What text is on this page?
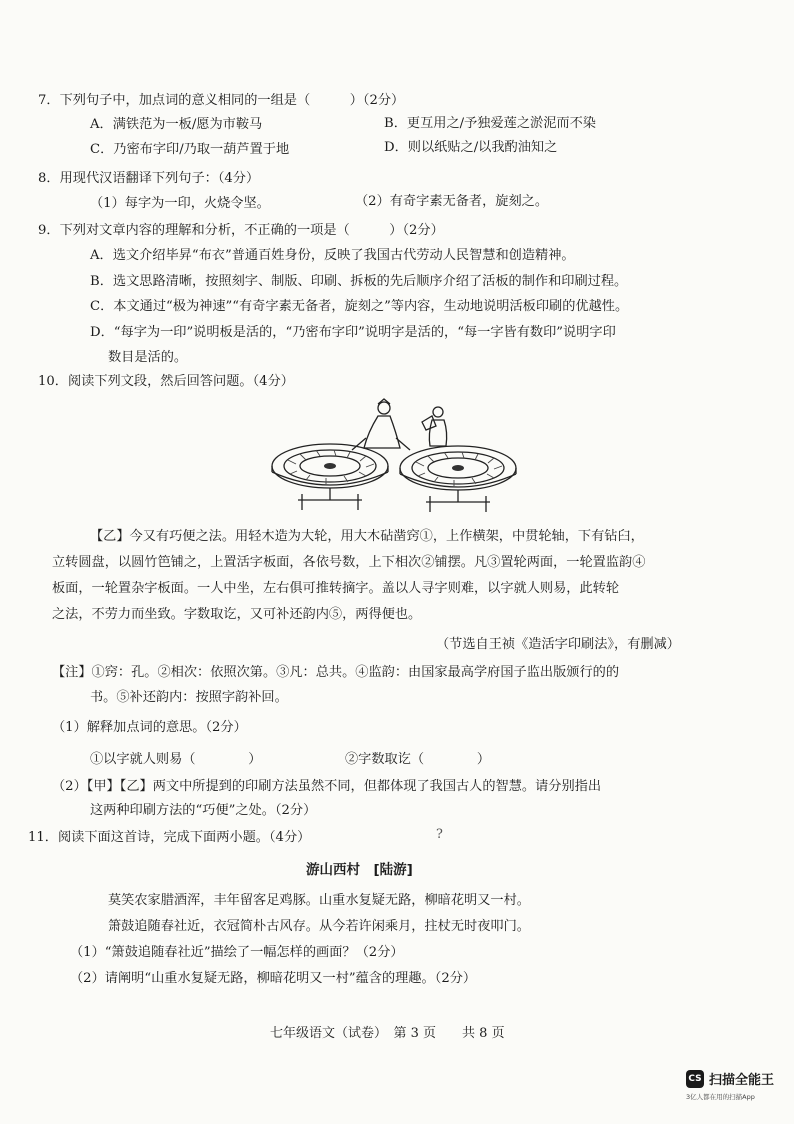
7．下列句子中，加点词的意义相同的一组是（　　　）（2分）
A．满铁范为一板/愿为市鞍马	B．更互用之/予独爱莲之淤泥而不染
C．乃密布字印/乃取一葫芦置于地	D．则以纸贴之/以我酌油知之
8．用现代汉语翻译下列句子：（4分）
（1）每字为一印，火烧令坚。	（2）有奇字素无备者，旋刻之。
9．下列对文章内容的理解和分析，不正确的一项是（　　　）（2分）
A．选文介绍毕昇“布衣”普通百姓身份，反映了我国古代劳动人民智慧和创造精神。
B．选文思路清晰，按照刻字、制版、印刷、拆板的先后顺序介绍了活板的制作和印刷过程。
C．本文通过“极为神速”“有奇字素无备者，旋刻之”等内容，生动地说明活板印刷的优越性。
D．“每字为一印”说明板是活的，“乃密布字印”说明字是活的，“每一字皆有数印”说明字印
数目是活的。
10．阅读下列文段，然后回答问题。（4分）
【乙】今又有巧便之法。用轻木造为大轮，用大木砧凿窍①，上作横架，中贯轮轴，下有钻臼，
立转圆盘，以圆竹笆铺之，上置活字板面，各依号数，上下相次②铺摆。凡③置轮两面，一轮置监韵④
板面，一轮置杂字板面。一人中坐，左右俱可推转摘字。盖以人寻字则难，以字就人则易，此转轮
之法，不劳力而坐致。字数取讫，又可补还韵内⑤，两得便也。
（节选自王祯《造活字印刷法》，有删减）
【注】①窍：孔。②相次：依照次第。③凡：总共。④监韵：由国家最高学府国子监出版颁行的的
书。⑤补还韵内：按照字韵补回。
（1）解释加点词的意思。（2分）
①以字就人则易（　　　　）	②字数取讫（　　　　）
（2）【甲】【乙】两文中所提到的印刷方法虽然不同，但都体现了我国古人的智慧。请分别指出
这两种印刷方法的“巧便”之处。（2分）
11．阅读下面这首诗，完成下面两小题。（4分）	?
游山西村　[陆游]
莫笑农家腊酒浑，丰年留客足鸡豚。山重水复疑无路，柳暗花明又一村。
箫鼓追随春社近，衣冠简朴古风存。从今若许闲乘月，拄杖无时夜叩门。
（1）“箫鼓追随春社近”描绘了一幅怎样的画面？（2分）
（2）请阐明“山重水复疑无路，柳暗花明又一村”蕴含的理趣。（2分）
七年级语文（试卷）　第 3 页　　共 8 页
CS 扫描全能王
3亿人都在用的扫描App
